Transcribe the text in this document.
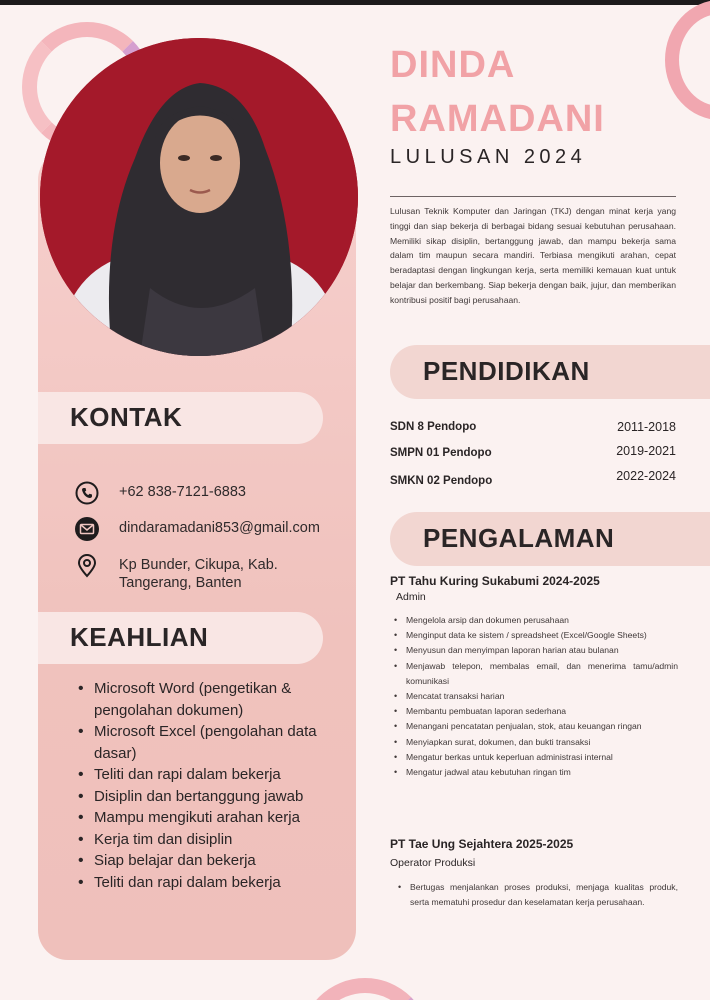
KONTAK
+62 838-7121-6883
dindaramadani853@gmail.com
Kp Bunder, Cikupa, Kab.
Tangerang, Banten
KEAHLIAN
• Microsoft Word (pengetikan & pengolahan dokumen)
• Microsoft Excel (pengolahan data dasar)
• Teliti dan rapi dalam bekerja
• Disiplin dan bertanggung jawab
• Mampu mengikuti arahan kerja
• Kerja tim dan disiplin
• Siap belajar dan bekerja
• Teliti dan rapi dalam bekerja
DINDA
RAMADANI
LULUSAN 2024

Lulusan Teknik Komputer dan Jaringan (TKJ) dengan minat kerja yang tinggi dan siap bekerja di berbagai bidang sesuai kebutuhan perusahaan. Memiliki sikap disiplin, bertanggung jawab, dan mampu bekerja sama dalam tim maupun secara mandiri. Terbiasa mengikuti arahan, cepat beradaptasi dengan lingkungan kerja, serta memiliki kemauan kuat untuk belajar dan berkembang. Siap bekerja dengan baik, jujur, dan memberikan kontribusi positif bagi perusahaan.

PENDIDIKAN
SDN 8 Pendopo	2011-2018
SMPN 01 Pendopo	2019-2021
SMKN 02 Pendopo	2022-2024
PENGALAMAN
PT Tahu Kuring Sukabumi 2024-2025
Admin
• Mengelola arsip dan dokumen perusahaan
• Menginput data ke sistem / spreadsheet (Excel/Google Sheets)
• Menyusun dan menyimpan laporan harian atau bulanan
• Menjawab telepon, membalas email, dan menerima tamu/admin komunikasi
• Mencatat transaksi harian
• Membantu pembuatan laporan sederhana
• Menangani pencatatan penjualan, stok, atau keuangan ringan
• Menyiapkan surat, dokumen, dan bukti transaksi
• Mengatur berkas untuk keperluan administrasi internal
• Mengatur jadwal atau kebutuhan ringan tim
PT Tae Ung Sejahtera 2025-2025
Operator Produksi
• Bertugas menjalankan proses produksi, menjaga kualitas produk, serta mematuhi prosedur dan keselamatan kerja perusahaan.
